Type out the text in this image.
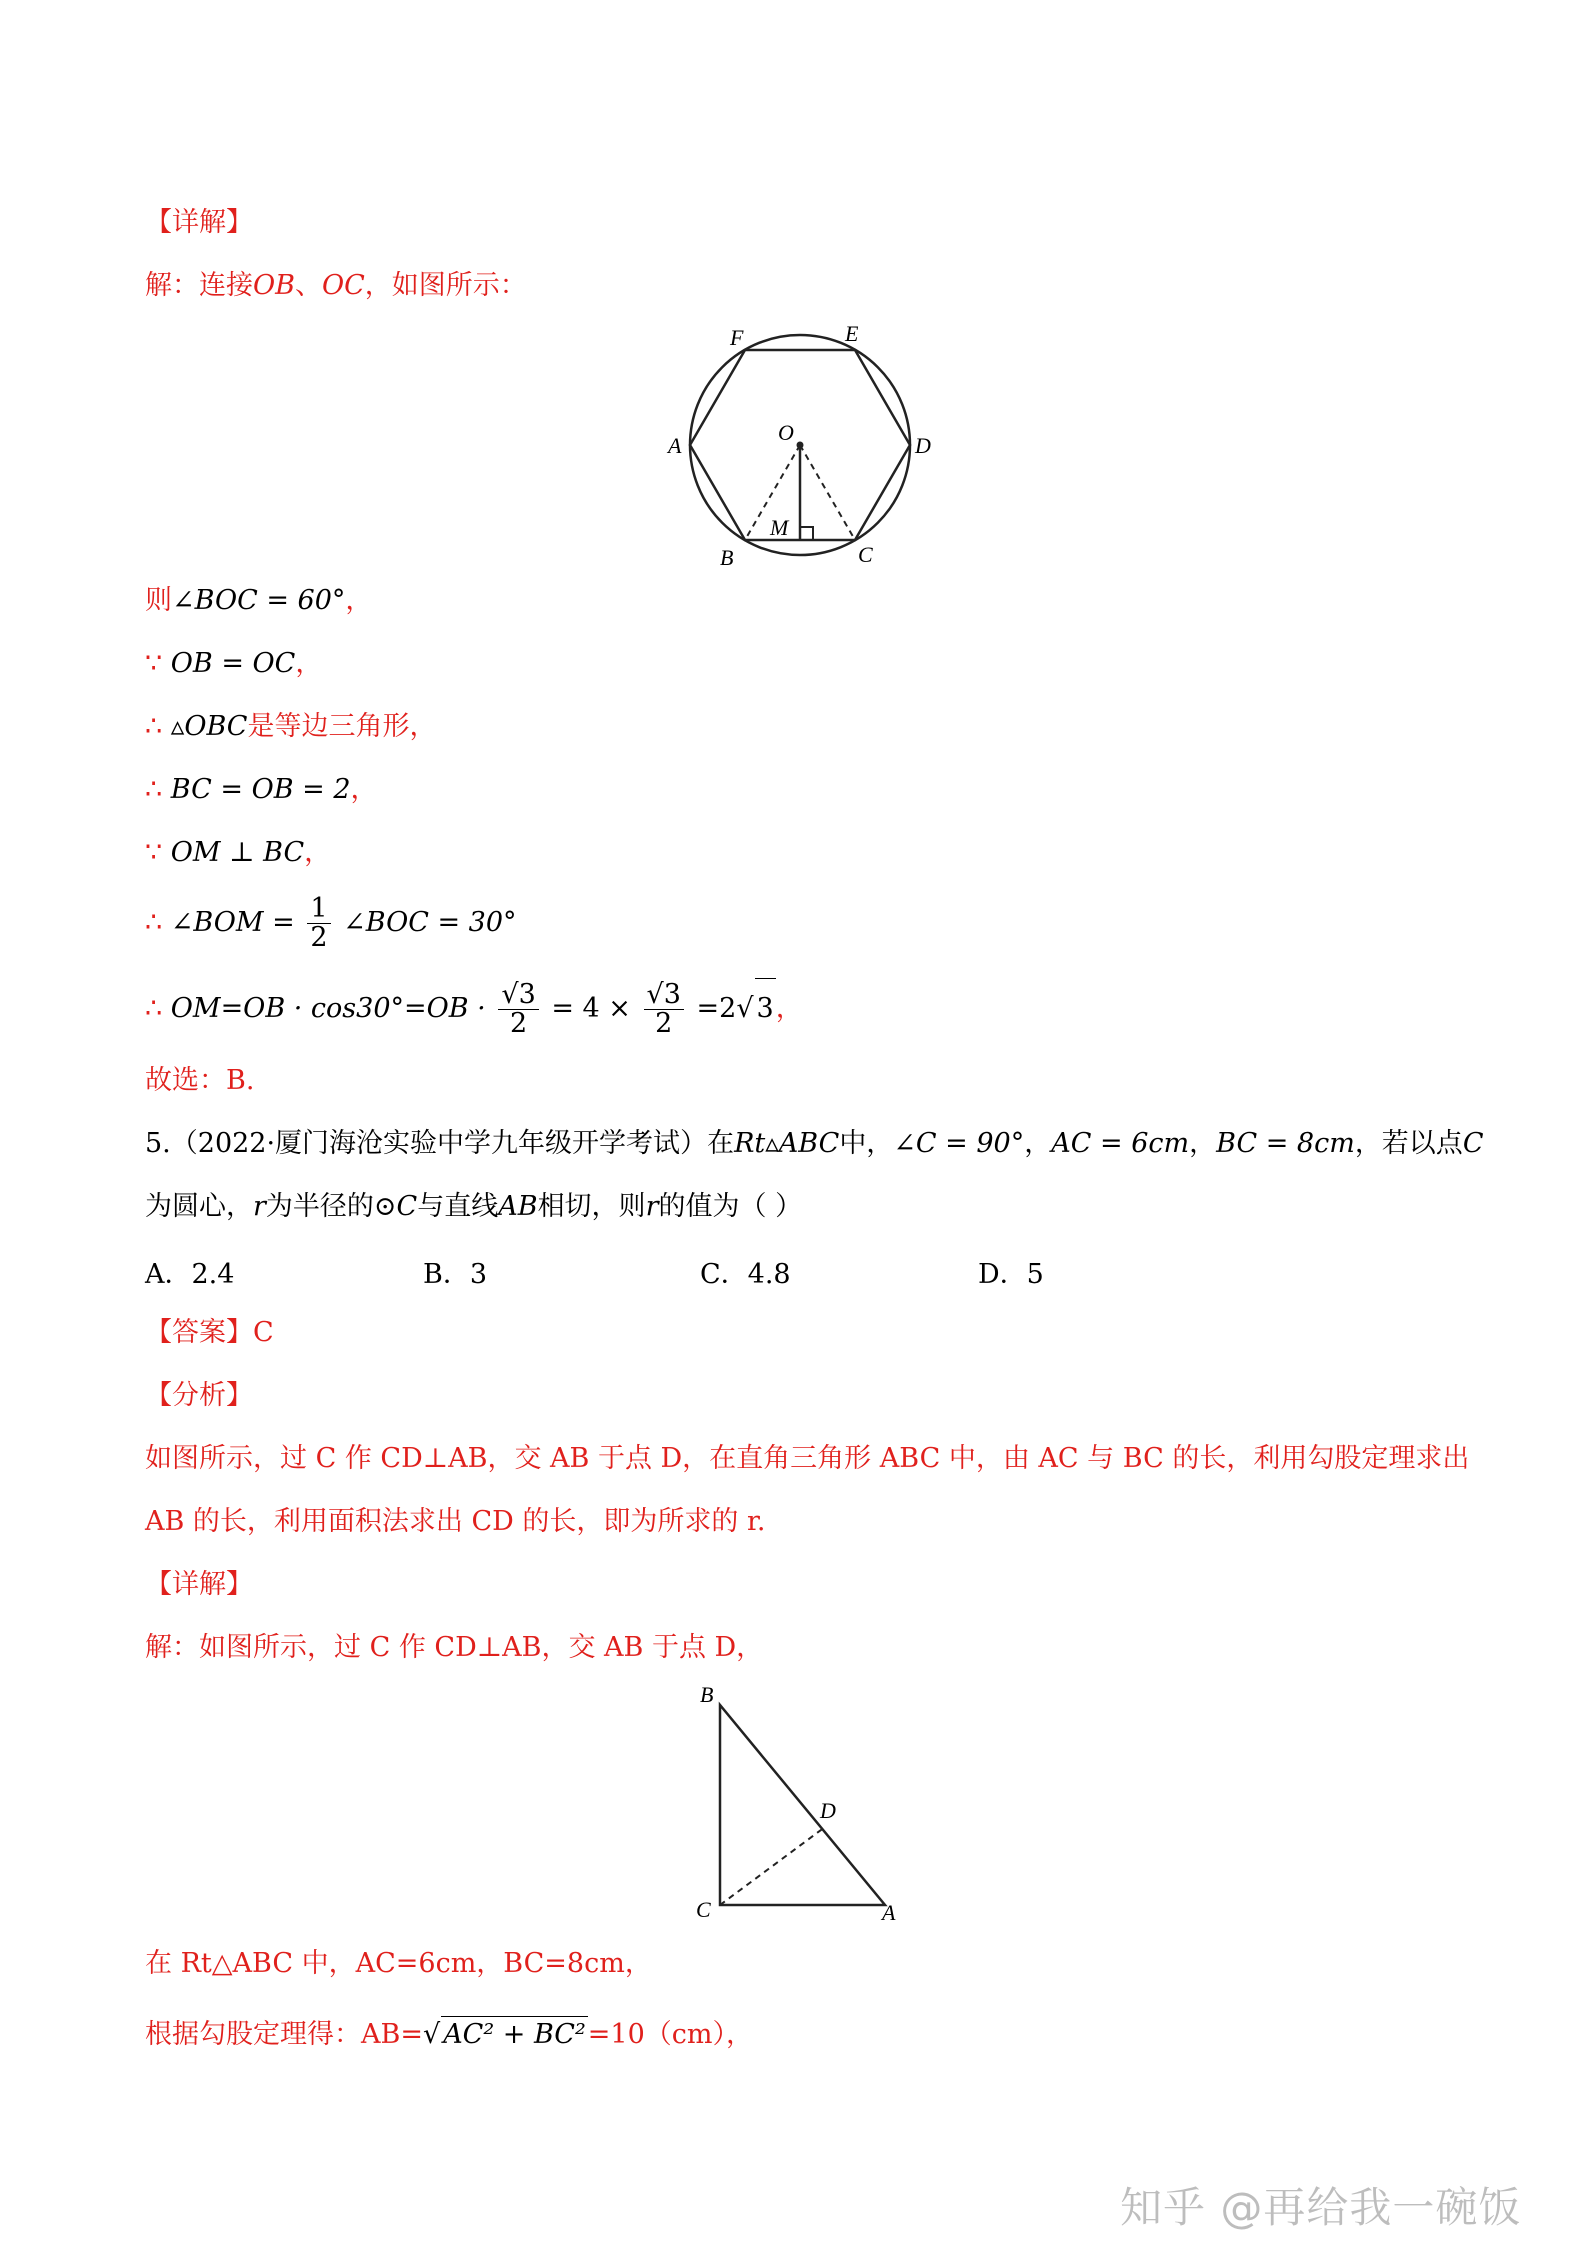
【详解】
解：连接OB、OC，如图所示：
F	E
A
O
D
M
B	C
则∠BOC = 60°，
∵ OB = OC，
∴ ▵OBC是等边三角形，
∴ BC = OB = 2，
∵ OM ⊥ BC，
∴ ∠BOM = $\frac{1}{2}$ ∠BOC = 30°
∴ $OM=OB \cdot \cos 30^\circ=OB \cdot \frac{√3}{2} = 4 \times \frac{√3}{2} =2√$ 3，
故选：B.
5.（2022·厦门海沧实验中学九年级开学考试）在Rt▵ABC中，∠C = 90°，AC = 6cm，BC = 8cm，若以点C
为圆心，r为半径的⊙C与直线AB相切，则r的值为（ ）
A．2.4	B．3	C．4.8	D．5
【答案】C
【分析】
如图所示，过 C 作 CD⊥AB，交 AB 于点 D，在直角三角形 ABC 中，由 AC 与 BC 的长，利用勾股定理求出
AB 的长，利用面积法求出 CD 的长，即为所求的 r.
【详解】
解：如图所示，过 C 作 CD⊥AB，交 AB 于点 D，
B
D
C	A
在 Rt△ABC 中，AC=6cm，BC=8cm，
根据勾股定理得：AB=√ AC² + BC²=10（cm），
知乎 @再给我一碗饭
